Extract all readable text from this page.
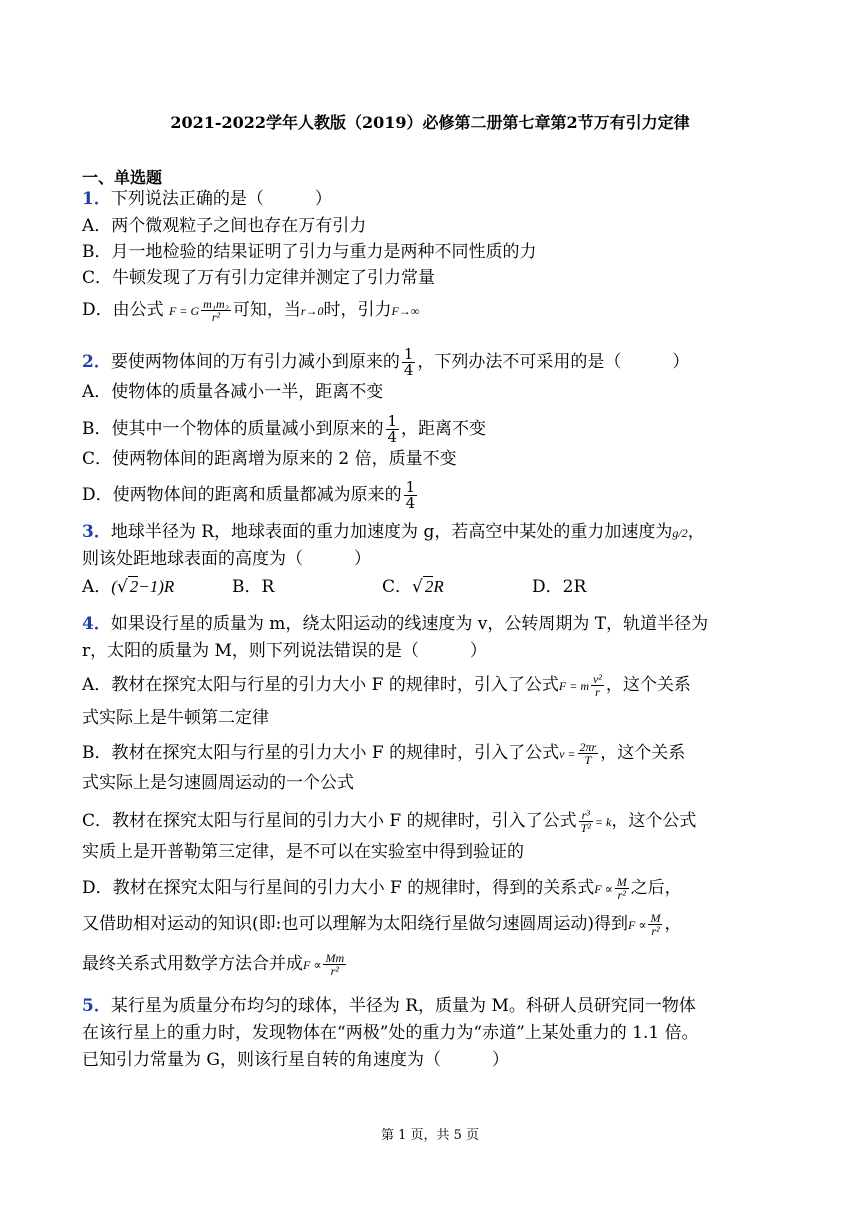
2021-2022学年人教版（2019）必修第二册第七章第2节万有引力定律
一、单选题
1．下列说法正确的是（　　　）
A．两个微观粒子之间也存在万有引力
B．月一地检验的结果证明了引力与重力是两种不同性质的力
C．牛顿发现了万有引力定律并测定了引力常量
D．由公式 F = G $\frac{\text{m₁m₂}}{\text{r²}}$ 可知，当r→0时，引力F→∞
2．要使两物体间的万有引力减小到原来的 $\frac{1}{4}$ ，下列办法不可采用的是（　　　）
A．使物体的质量各减小一半，距离不变
B．使其中一个物体的质量减小到原来的 $\frac{1}{4}$ ，距离不变
C．使两物体间的距离增为原来的 2 倍，质量不变
D．使两物体间的距离和质量都减为原来的 $\frac{1}{4}$
3．地球半径为 R，地球表面的重力加速度为 g，若高空中某处的重力加速度为g/2，
则该处距地球表面的高度为（　　　）
A．(√ 2−1)R	B．R	C．√ 2R	D．2R
4．如果设行星的质量为 m，绕太阳运动的线速度为 v，公转周期为 T，轨道半径为
r，太阳的质量为 M，则下列说法错误的是（　　　）
A．教材在探究太阳与行星的引力大小 F 的规律时，引入了公式F = m $\frac{\text{v²}}{r}$ ，这个关系
式实际上是牛顿第二定律
B．教材在探究太阳与行星的引力大小 F 的规律时，引入了公式$v = \frac{2\pi r}{T}$ ，这个关系
式实际上是匀速圆周运动的一个公式
C．教材在探究太阳与行星间的引力大小 F 的规律时，引入了公式 $\frac{\text{r³}}{\text{T²}} = k$，这个公式
实质上是开普勒第三定律，是不可以在实验室中得到验证的
D．教材在探究太阳与行星间的引力大小 F 的规律时，得到的关系式$F \propto \frac{M}{\text{r²}}$ 之后，
又借助相对运动的知识(即:也可以理解为太阳绕行星做匀速圆周运动)得到$F \propto \frac{M}{\text{r²}}$ ，
最终关系式用数学方法合并成$F \propto \frac{Mm}{\text{r²}}$
5．某行星为质量分布均匀的球体，半径为 R，质量为 M。科研人员研究同一物体
在该行星上的重力时，发现物体在“两极”处的重力为“赤道”上某处重力的 1.1 倍。
已知引力常量为 G，则该行星自转的角速度为（　　　）
第 1 页，共 5 页
